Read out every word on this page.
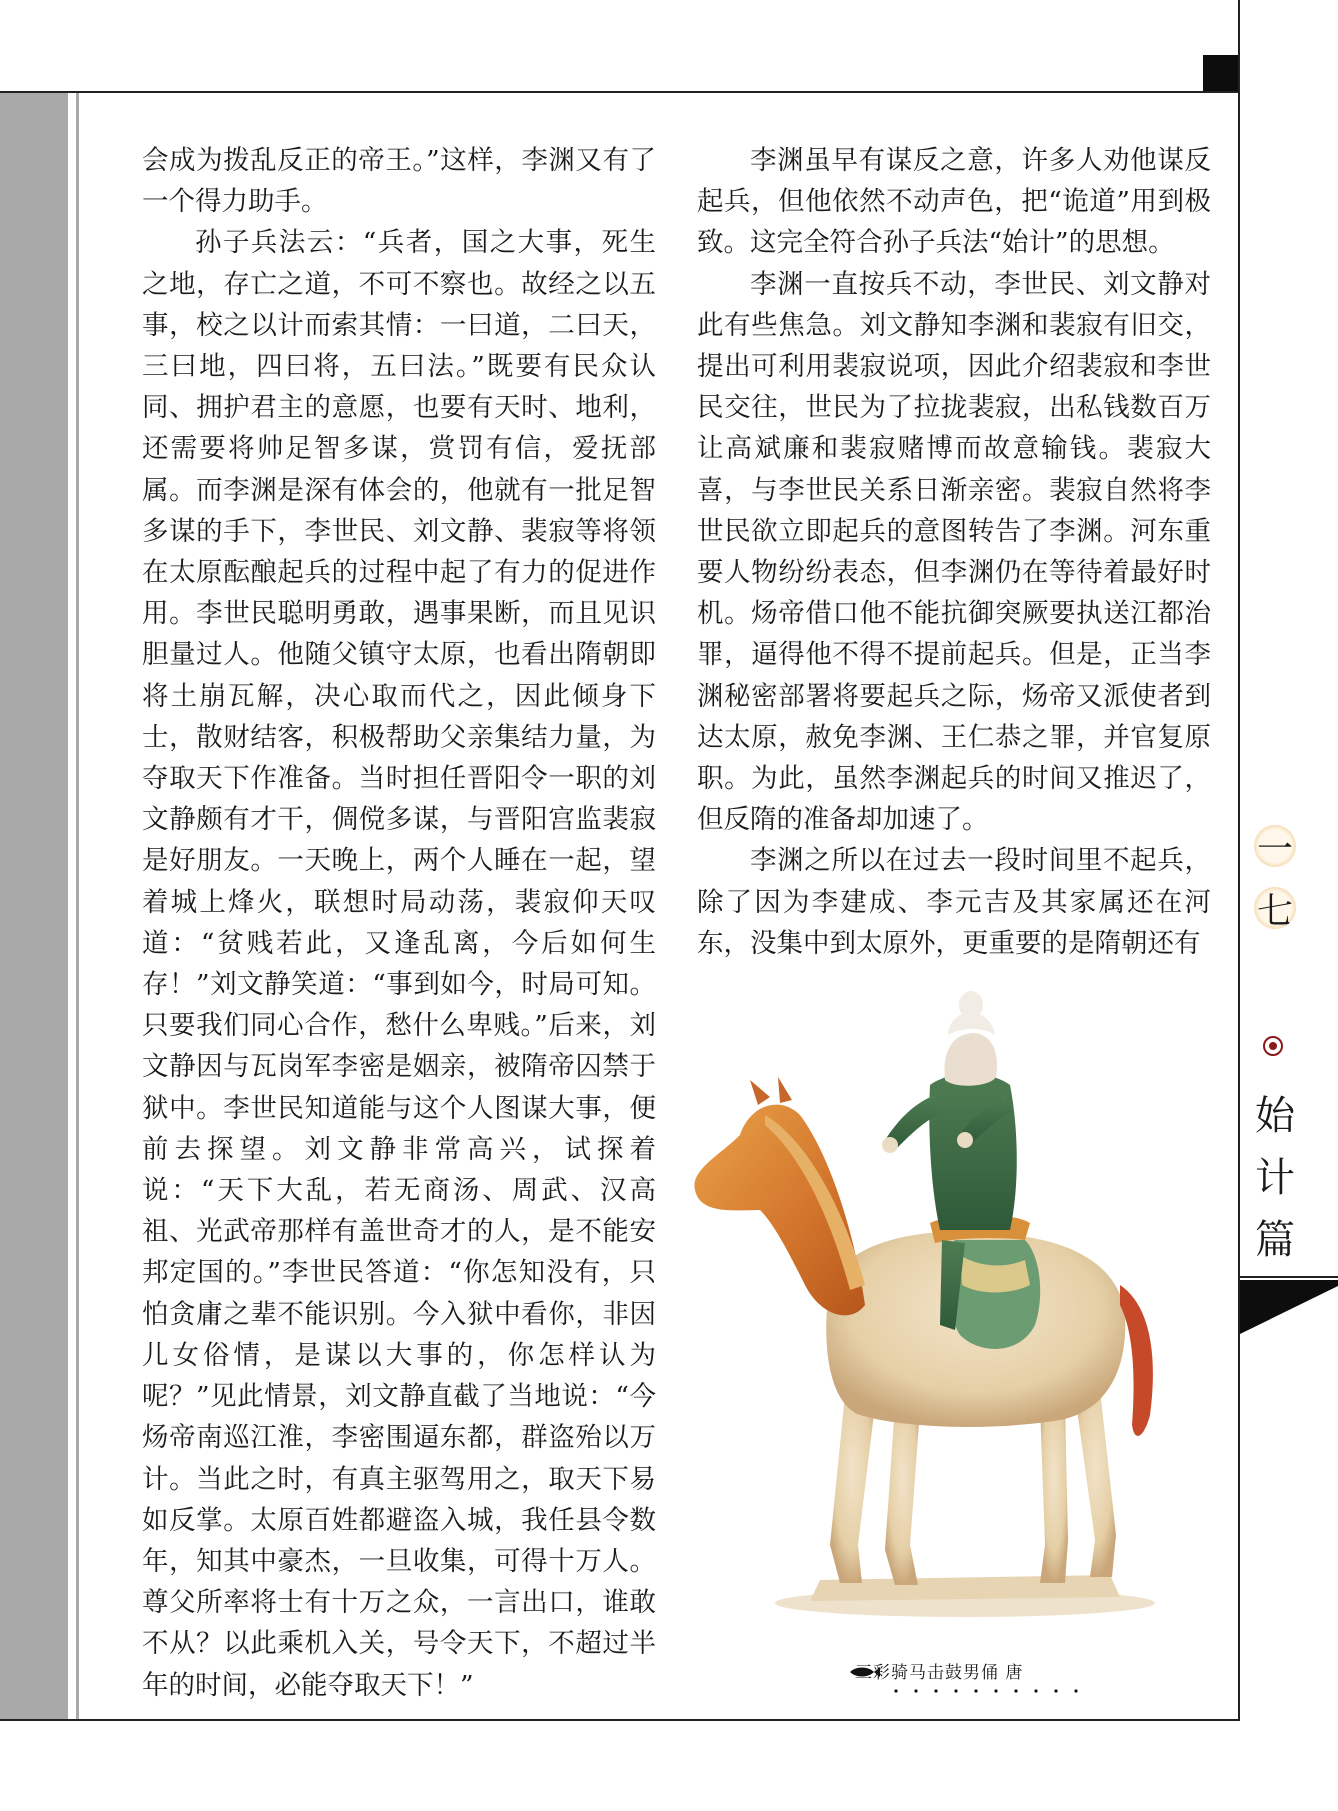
会成为拨乱反正的帝王。”这样，李渊又有了一个得力助手。

孙子兵法云：“兵者，国之大事，死生之地，存亡之道，不可不察也。故经之以五事，校之以计而索其情：一曰道，二曰天，三曰地，四曰将，五曰法。”既要有民众认同、拥护君主的意愿，也要有天时、地利，还需要将帅足智多谋，赏罚有信，爱抚部属。而李渊是深有体会的，他就有一批足智多谋的手下，李世民、刘文静、裴寂等将领在太原酝酿起兵的过程中起了有力的促进作用。李世民聪明勇敢，遇事果断，而且见识胆量过人。他随父镇守太原，也看出隋朝即将土崩瓦解，决心取而代之，因此倾身下士，散财结客，积极帮助父亲集结力量，为夺取天下作准备。当时担任晋阳令一职的刘文静颇有才干，倜傥多谋，与晋阳宫监裴寂是好朋友。一天晚上，两个人睡在一起，望着城上烽火，联想时局动荡，裴寂仰天叹道：“贫贱若此，又逢乱离，今后如何生存！”刘文静笑道：“事到如今，时局可知。只要我们同心合作，愁什么卑贱。”后来，刘文静因与瓦岗军李密是姻亲，被隋帝囚禁于狱中。李世民知道能与这个人图谋大事，便前去探望。刘文静非常高兴，试探着说：“天下大乱，若无商汤、周武、汉高祖、光武帝那样有盖世奇才的人，是不能安邦定国的。”李世民答道：“你怎知没有，只怕贪庸之辈不能识别。今入狱中看你，非因儿女俗情，是谋以大事的，你怎样认为呢？”见此情景，刘文静直截了当地说：“今炀帝南巡江淮，李密围逼东都，群盗殆以万计。当此之时，有真主驱驾用之，取天下易如反掌。太原百姓都避盗入城，我任县令数年，知其中豪杰，一旦收集，可得十万人。尊父所率将士有十万之众，一言出口，谁敢不从？以此乘机入关，号令天下，不超过半年的时间，必能夺取天下！”

李渊虽早有谋反之意，许多人劝他谋反起兵，但他依然不动声色，把“诡道”用到极致。这完全符合孙子兵法“始计”的思想。

李渊一直按兵不动，李世民、刘文静对此有些焦急。刘文静知李渊和裴寂有旧交，提出可利用裴寂说项，因此介绍裴寂和李世民交往，世民为了拉拢裴寂，出私钱数百万让高斌廉和裴寂赌博而故意输钱。裴寂大喜，与李世民关系日渐亲密。裴寂自然将李世民欲立即起兵的意图转告了李渊。河东重要人物纷纷表态，但李渊仍在等待着最好时机。炀帝借口他不能抗御突厥要执送江都治罪，逼得他不得不提前起兵。但是，正当李渊秘密部署将要起兵之际，炀帝又派使者到达太原，赦免李渊、王仁恭之罪，并官复原职。为此，虽然李渊起兵的时间又推迟了，但反隋的准备却加速了。

李渊之所以在过去一段时间里不起兵，除了因为李建成、李元吉及其家属还在河东，没集中到太原外，更重要的是隋朝还有

三彩骑马击鼓男俑 唐
一
七
始
计
篇
